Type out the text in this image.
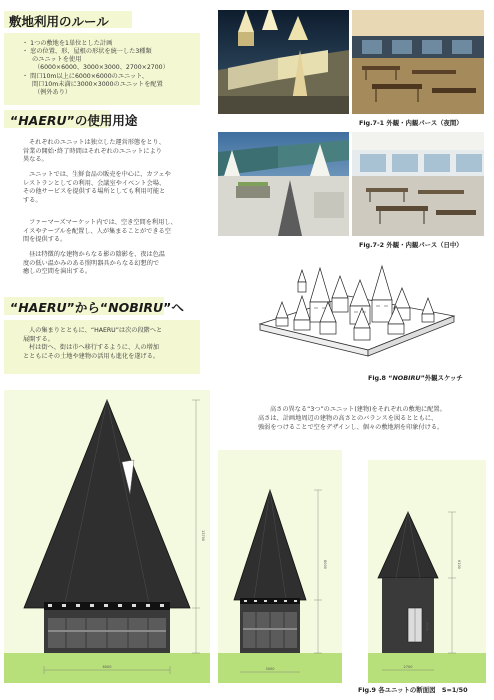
敷地利用のルール
・ 1つの敷地を1単位とした計画
・ 窓の位置、形、屋根の形状を統一した3種類
のユニットを使用
（6000×6000、3000×3000、2700×2700）
・ 間口10m以上に6000×6000のユニット、
間口10m未満に3000×3000のユニットを配置
（例外あり）
“HAERU”の使用用途
それぞれのユニットは独立した運営形態をとり、
営業の開始･終了時間はそれぞれのユニットにより
異なる。
ユニットでは、生鮮食品の販売を中心に、カフェや
レストランとしての利用、会議室やイベント会場、
その他サービスを提供する場所としても利用可能と
する。
ファーマーズマーケット内では、空き空間を利用し、
イスやテーブルを配置し、人が集まることができる空
間を提供する。
昼は特徴的な建物からなる影の陰影を、夜は色温
度の低い温かみのある照明器具からなる幻想的で
癒しの空間を演出する。
“HAERU”から“NOBIRU”へ
人の集まりとともに、“HAERU”は次の段階へと
展開する。
村は街へ、街は市へ移行するように、人の増加
とともにその土地や建物の活用も進化を遂げる。
Fig.7-1 外観・内観パース（夜間）
Fig.7-2 外観・内観パース（日中）
Fig.8 “NOBIRU”外観スケッチ
高さの異なる“3つ”のユニット(建物)をそれぞれの敷地に配置。
高さは、計画地周辺の建物の高さとのバランスを図るとともに、
強弱をつけることで空をデザインし、個々の敷地割を印象付ける。
6000
13700
3000
8000
2700
6100
2400
Fig.9 各ユニットの断面図　S=1/50
